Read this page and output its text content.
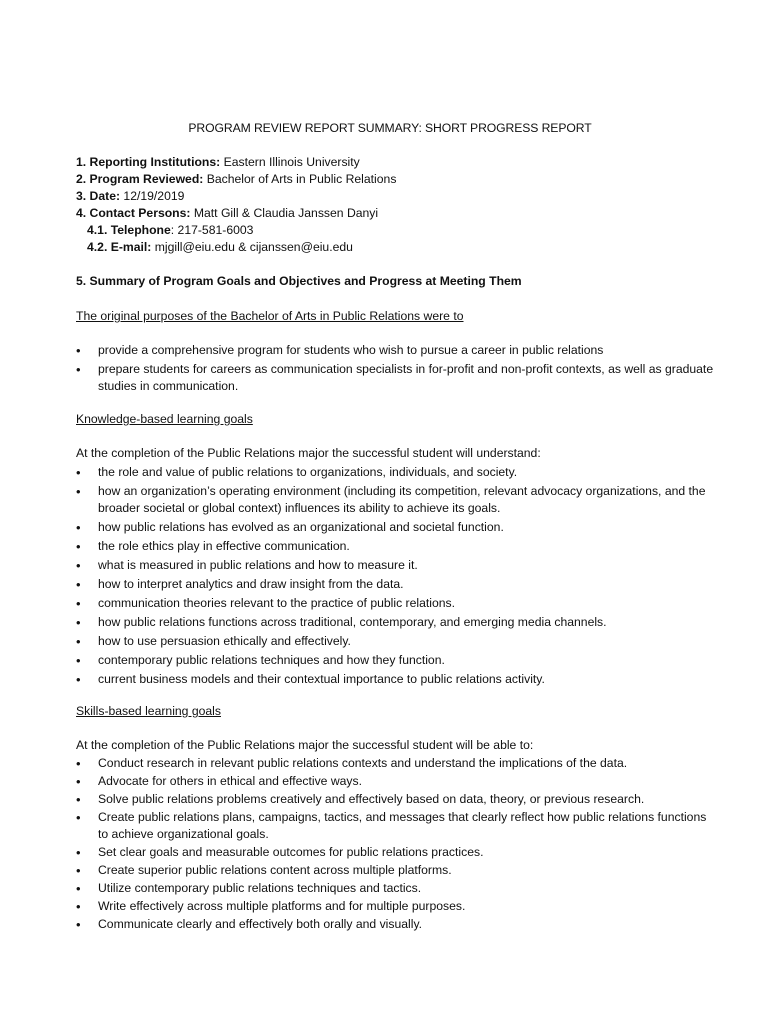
PROGRAM REVIEW REPORT SUMMARY: SHORT PROGRESS REPORT
1. Reporting Institutions: Eastern Illinois University
2. Program Reviewed: Bachelor of Arts in Public Relations
3. Date: 12/19/2019
4. Contact Persons: Matt Gill & Claudia Janssen Danyi
4.1. Telephone: 217-581-6003
4.2. E-mail: mjgill@eiu.edu & cijanssen@eiu.edu
5. Summary of Program Goals and Objectives and Progress at Meeting Them
The original purposes of the Bachelor of Arts in Public Relations were to
• provide a comprehensive program for students who wish to pursue a career in public relations
• prepare students for careers as communication specialists in for-profit and non-profit contexts, as well as graduate studies in communication.
Knowledge-based learning goals
At the completion of the Public Relations major the successful student will understand:
• the role and value of public relations to organizations, individuals, and society.
• how an organization’s operating environment (including its competition, relevant advocacy organizations, and the broader societal or global context) influences its ability to achieve its goals.
• how public relations has evolved as an organizational and societal function.
• the role ethics play in effective communication.
• what is measured in public relations and how to measure it.
• how to interpret analytics and draw insight from the data.
• communication theories relevant to the practice of public relations.
• how public relations functions across traditional, contemporary, and emerging media channels.
• how to use persuasion ethically and effectively.
• contemporary public relations techniques and how they function.
• current business models and their contextual importance to public relations activity.
Skills-based learning goals
At the completion of the Public Relations major the successful student will be able to:
• Conduct research in relevant public relations contexts and understand the implications of the data.
• Advocate for others in ethical and effective ways.
• Solve public relations problems creatively and effectively based on data, theory, or previous research.
• Create public relations plans, campaigns, tactics, and messages that clearly reflect how public relations functions to achieve organizational goals.
• Set clear goals and measurable outcomes for public relations practices.
• Create superior public relations content across multiple platforms.
• Utilize contemporary public relations techniques and tactics.
• Write effectively across multiple platforms and for multiple purposes.
• Communicate clearly and effectively both orally and visually.
